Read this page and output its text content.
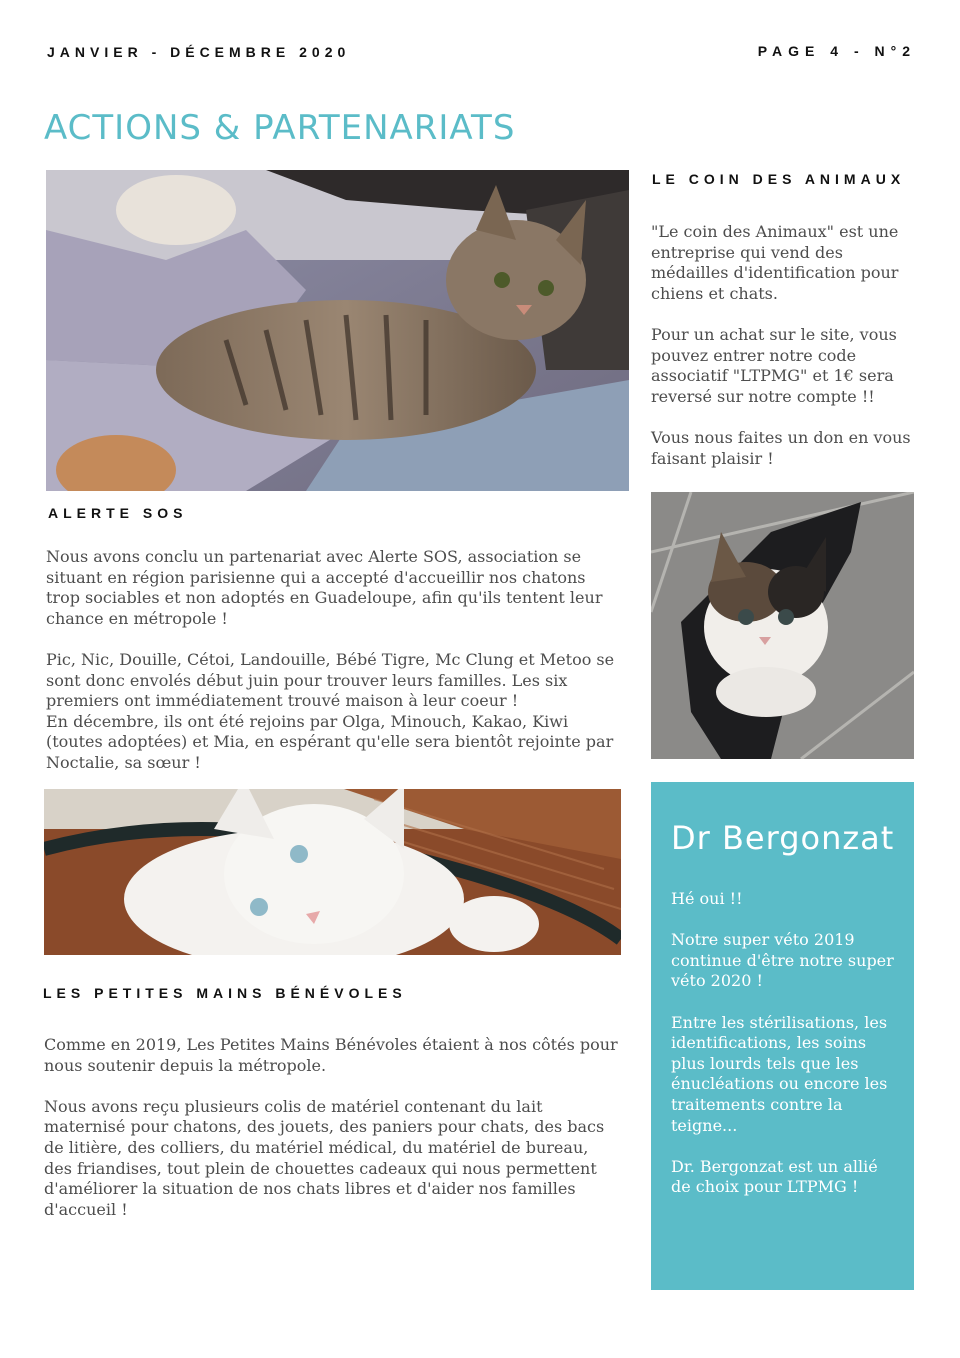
JANVIER - DÉCEMBRE 2020	PAGE 4 - N°2
ACTIONS & PARTENARIATS
LE COIN DES ANIMAUX
"Le coin des Animaux" est une entreprise qui vend des médailles d'identification pour chiens et chats.

Pour un achat sur le site, vous pouvez entrer notre code associatif "LTPMG" et 1€ sera reversé sur notre compte !!

Vous nous faites un don en vous faisant plaisir !
ALERTE SOS
Nous avons conclu un partenariat avec Alerte SOS, association se situant en région parisienne qui a accepté d'accueillir nos chatons trop sociables et non adoptés en Guadeloupe, afin qu'ils tentent leur chance en métropole !

Pic, Nic, Douille, Cétoi, Landouille, Bébé Tigre, Mc Clung et Metoo se sont donc envolés début juin pour trouver leurs familles. Les six premiers ont immédiatement trouvé maison à leur coeur !
En décembre, ils ont été rejoins par Olga, Minouch, Kakao, Kiwi (toutes adoptées) et Mia, en espérant qu'elle sera bientôt rejointe par Noctalie, sa sœur !
LES PETITES MAINS BÉNÉVOLES
Comme en 2019, Les Petites Mains Bénévoles étaient à nos côtés pour nous soutenir depuis la métropole.

Nous avons reçu plusieurs colis de matériel contenant du lait maternisé pour chatons, des jouets, des paniers pour chats, des bacs de litière, des colliers, du matériel médical, du matériel de bureau, des friandises, tout plein de chouettes cadeaux qui nous permettent d'améliorer la situation de nos chats libres et d'aider nos familles d'accueil !
Dr Bergonzat
Hé oui !!

Notre super véto 2019 continue d'être notre super véto 2020 !

Entre les stérilisations, les identifications, les soins plus lourds tels que les énucléations ou encore les traitements contre la teigne...

Dr. Bergonzat est un allié de choix pour LTPMG !
